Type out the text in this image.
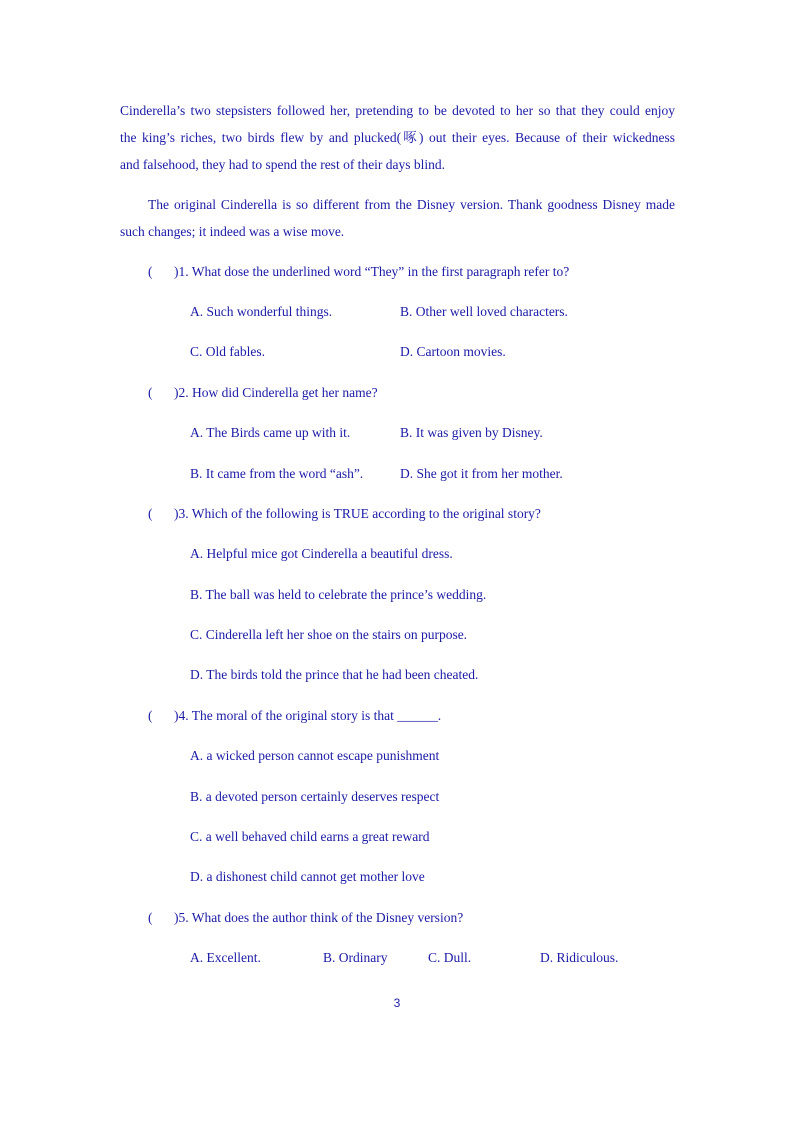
Cinderella’s two stepsisters followed her, pretending to be devoted to her so that they could enjoy
the king’s riches, two birds flew by and plucked(啄) out their eyes. Because of their wickedness
and falsehood, they had to spend the rest of their days blind.
The original Cinderella is so different from the Disney version. Thank goodness Disney made
such changes; it indeed was a wise move.
( )1. What dose the underlined word “They” in the first paragraph refer to?
A. Such wonderful things.	B. Other well loved characters.
C. Old fables.	D. Cartoon movies.
( )2. How did Cinderella get her name?
A. The Birds came up with it.	B. It was given by Disney.
B. It came from the word “ash”.	D. She got it from her mother.
( )3. Which of the following is TRUE according to the original story?
A. Helpful mice got Cinderella a beautiful dress.
B. The ball was held to celebrate the prince’s wedding.
C. Cinderella left her shoe on the stairs on purpose.
D. The birds told the prince that he had been cheated.
( )4. The moral of the original story is that ______.
A. a wicked person cannot escape punishment
B. a devoted person certainly deserves respect
C. a well behaved child earns a great reward
D. a dishonest child cannot get mother love
( )5. What does the author think of the Disney version?
A. Excellent.	B. Ordinary	C. Dull.	D. Ridiculous.
3
